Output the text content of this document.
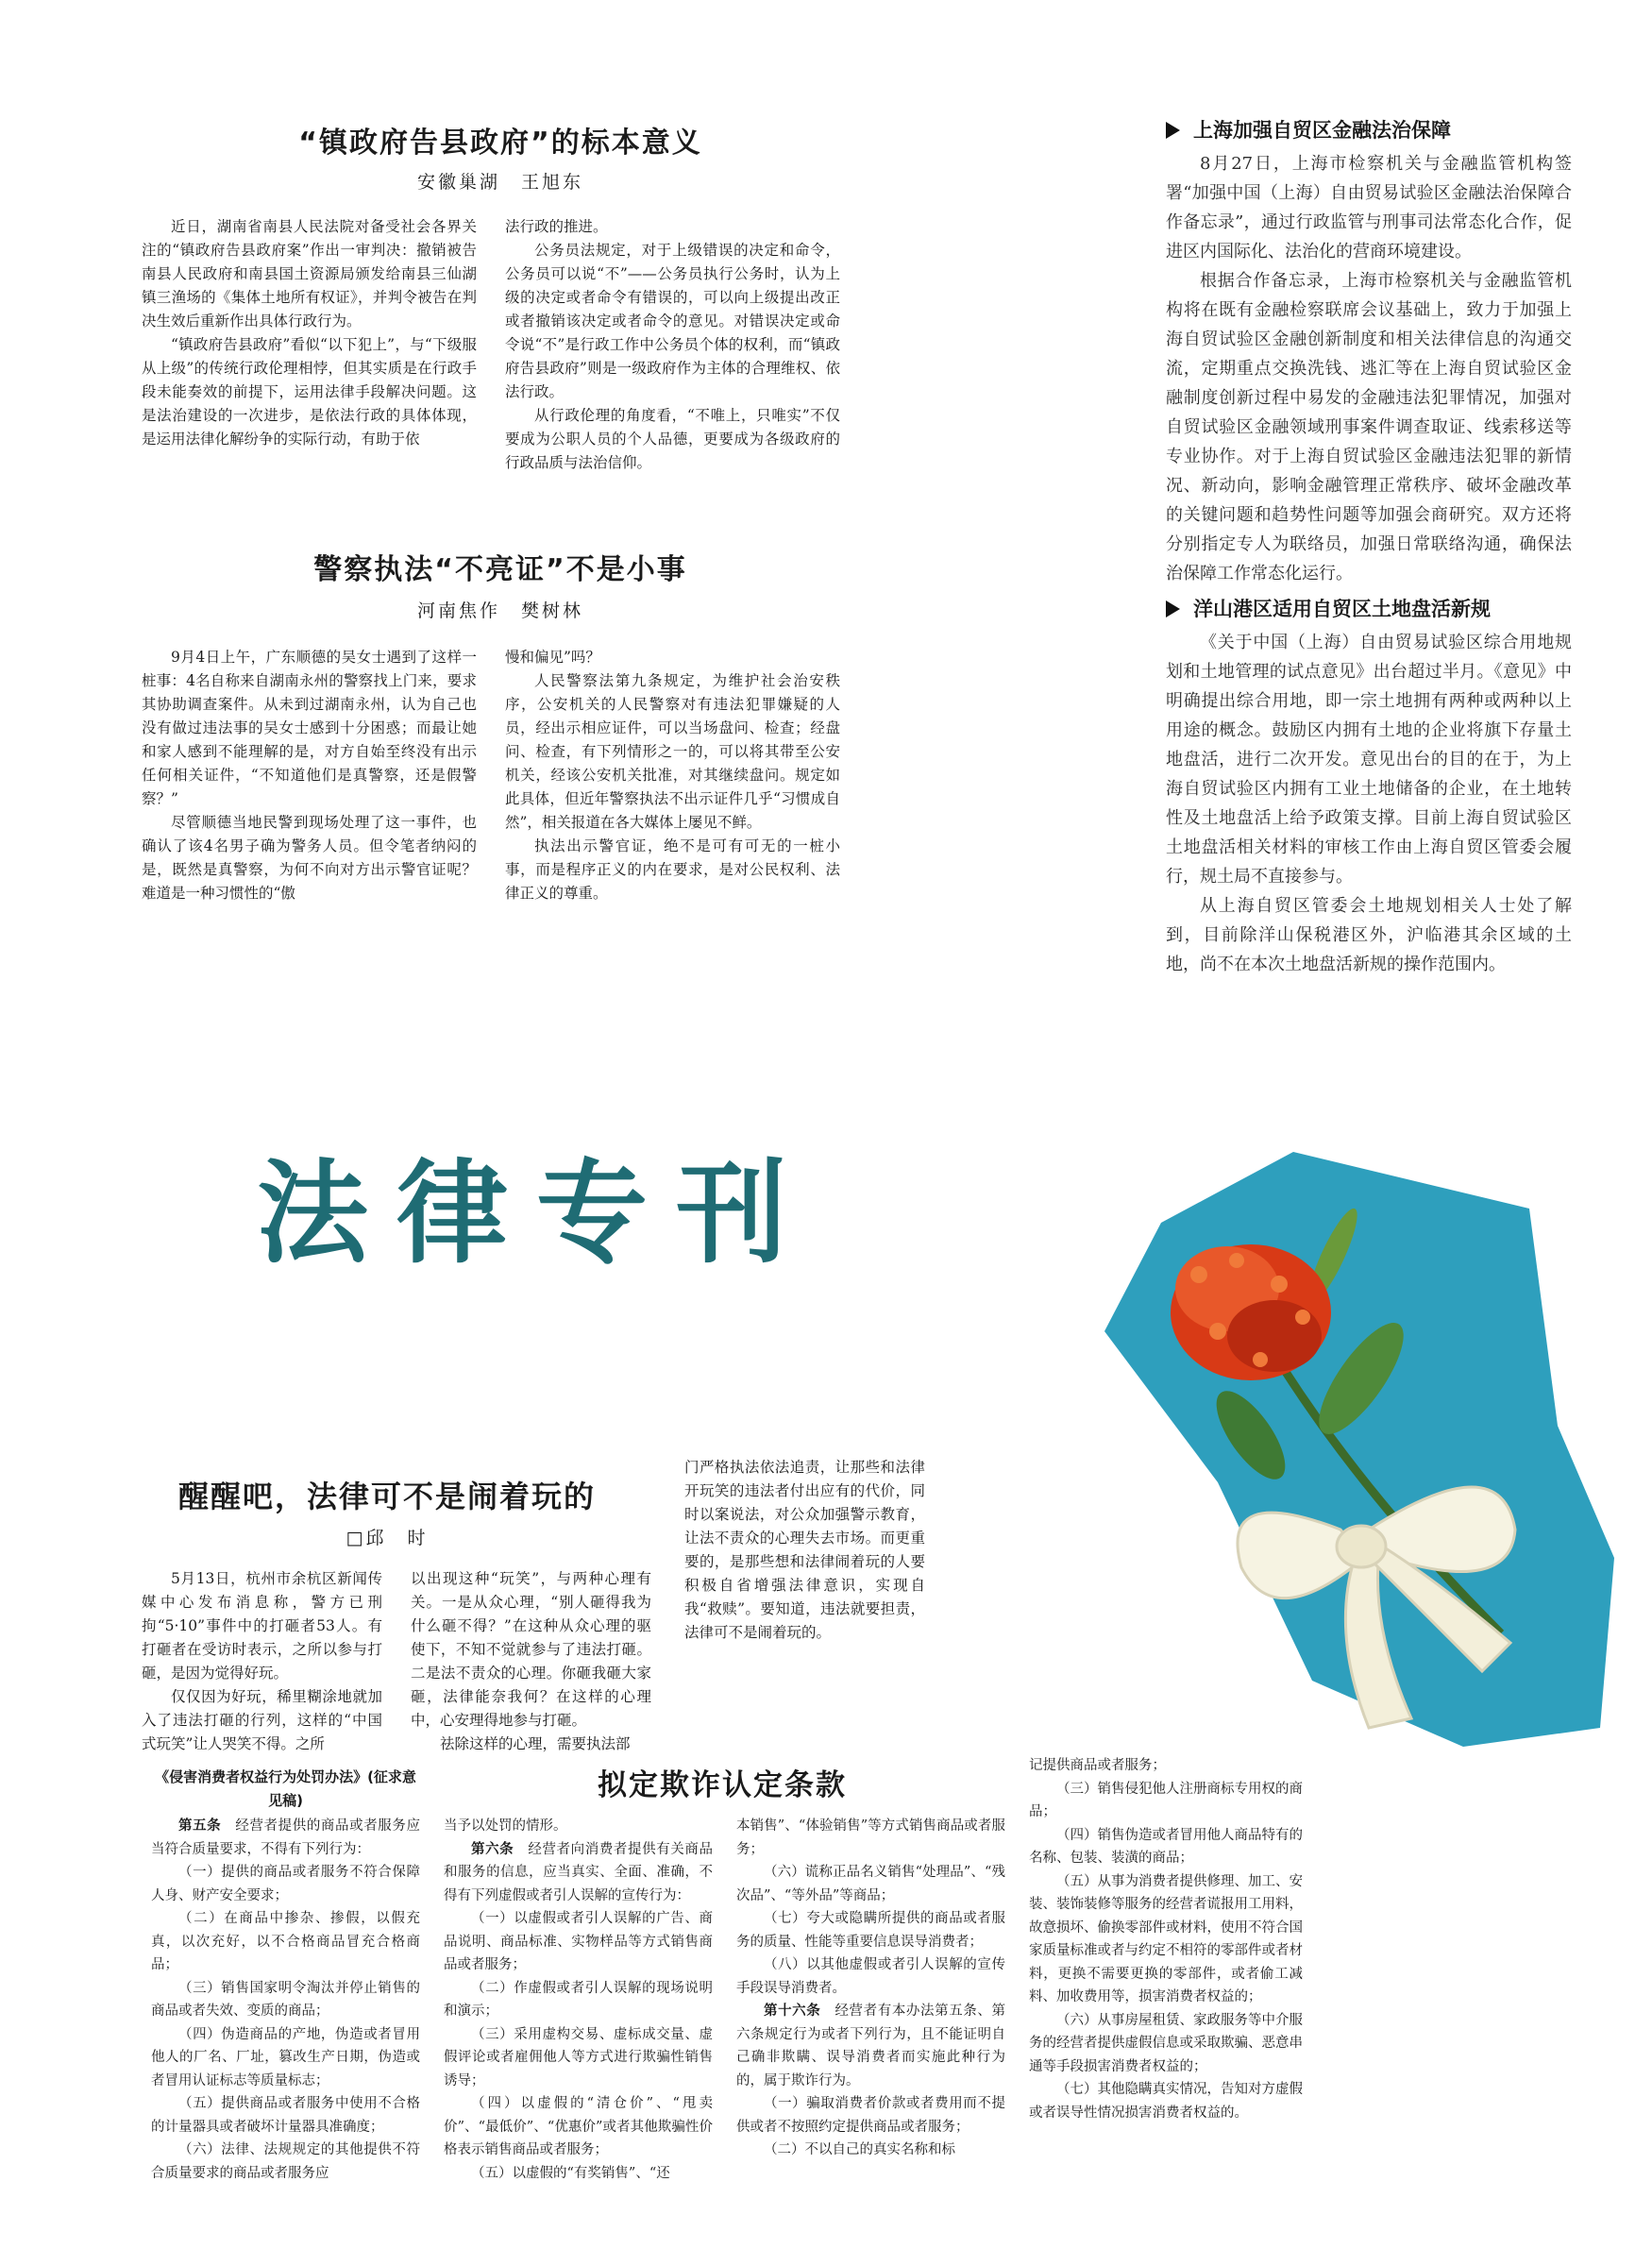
“镇政府告县政府”的标本意义
安徽巢湖　王旭东

近日，湖南省南县人民法院对备受社会各界关注的“镇政府告县政府案”作出一审判决：撤销被告南县人民政府和南县国土资源局颁发给南县三仙湖镇三渔场的《集体土地所有权证》，并判令被告在判决生效后重新作出具体行政行为。

“镇政府告县政府”看似“以下犯上”，与“下级服从上级”的传统行政伦理相悖，但其实质是在行政手段未能奏效的前提下，运用法律手段解决问题。这是法治建设的一次进步，是依法行政的具体体现，是运用法律化解纷争的实际行动，有助于依

法行政的推进。

公务员法规定，对于上级错误的决定和命令，公务员可以说“不”——公务员执行公务时，认为上级的决定或者命令有错误的，可以向上级提出改正或者撤销该决定或者命令的意见。对错误决定或命令说“不”是行政工作中公务员个体的权利，而“镇政府告县政府”则是一级政府作为主体的合理维权、依法行政。

从行政伦理的角度看，“不唯上，只唯实”不仅要成为公职人员的个人品德，更要成为各级政府的行政品质与法治信仰。

警察执法“不亮证”不是小事
河南焦作　樊树林

9月4日上午，广东顺德的吴女士遇到了这样一桩事：4名自称来自湖南永州的警察找上门来，要求其协助调查案件。从未到过湖南永州，认为自己也没有做过违法事的吴女士感到十分困惑；而最让她和家人感到不能理解的是，对方自始至终没有出示任何相关证件，“不知道他们是真警察，还是假警察？”

尽管顺德当地民警到现场处理了这一事件，也确认了该4名男子确为警务人员。但令笔者纳闷的是，既然是真警察，为何不向对方出示警官证呢？难道是一种习惯性的“傲

慢和偏见”吗？

人民警察法第九条规定，为维护社会治安秩序，公安机关的人民警察对有违法犯罪嫌疑的人员，经出示相应证件，可以当场盘问、检查；经盘问、检查，有下列情形之一的，可以将其带至公安机关，经该公安机关批准，对其继续盘问。规定如此具体，但近年警察执法不出示证件几乎“习惯成自然”，相关报道在各大媒体上屡见不鲜。

执法出示警官证，绝不是可有可无的一桩小事，而是程序正义的内在要求，是对公民权利、法律正义的尊重。

上海加强自贸区金融法治保障

8月27日，上海市检察机关与金融监管机构签署“加强中国（上海）自由贸易试验区金融法治保障合作备忘录”，通过行政监管与刑事司法常态化合作，促进区内国际化、法治化的营商环境建设。

根据合作备忘录，上海市检察机关与金融监管机构将在既有金融检察联席会议基础上，致力于加强上海自贸试验区金融创新制度和相关法律信息的沟通交流，定期重点交换洗钱、逃汇等在上海自贸试验区金融制度创新过程中易发的金融违法犯罪情况，加强对自贸试验区金融领域刑事案件调查取证、线索移送等专业协作。对于上海自贸试验区金融违法犯罪的新情况、新动向，影响金融管理正常秩序、破坏金融改革的关键问题和趋势性问题等加强会商研究。双方还将分别指定专人为联络员，加强日常联络沟通，确保法治保障工作常态化运行。

洋山港区适用自贸区土地盘活新规

《关于中国（上海）自由贸易试验区综合用地规划和土地管理的试点意见》出台超过半月。《意见》中明确提出综合用地，即一宗土地拥有两种或两种以上用途的概念。鼓励区内拥有土地的企业将旗下存量土地盘活，进行二次开发。意见出台的目的在于，为上海自贸试验区内拥有工业土地储备的企业，在土地转性及土地盘活上给予政策支撑。目前上海自贸试验区土地盘活相关材料的审核工作由上海自贸区管委会履行，规土局不直接参与。

从上海自贸区管委会土地规划相关人士处了解到，目前除洋山保税港区外，沪临港其余区域的土地，尚不在本次土地盘活新规的操作范围内。

法律专刊
醒醒吧，法律可不是闹着玩的
□邱　时

5月13日，杭州市余杭区新闻传媒中心发布消息称，警方已刑拘“5·10”事件中的打砸者53人。有打砸者在受访时表示，之所以参与打砸，是因为觉得好玩。

仅仅因为好玩，稀里糊涂地就加入了违法打砸的行列，这样的“中国式玩笑”让人哭笑不得。之所

以出现这种“玩笑”，与两种心理有关。一是从众心理，“别人砸得我为什么砸不得？”在这种从众心理的驱使下，不知不觉就参与了违法打砸。二是法不责众的心理。你砸我砸大家砸，法律能奈我何？在这样的心理中，心安理得地参与打砸。

祛除这样的心理，需要执法部

门严格执法依法追责，让那些和法律开玩笑的违法者付出应有的代价，同时以案说法，对公众加强警示教育，让法不责众的心理失去市场。而更重要的，是那些想和法律闹着玩的人要积极自省增强法律意识，实现自我“救赎”。要知道，违法就要担责，法律可不是闹着玩的。

拟定欺诈认定条款
《侵害消费者权益行为处罚办法》(征求意见稿)

第五条　 经营者提供的商品或者服务应当符合质量要求，不得有下列行为：

（一）提供的商品或者服务不符合保障人身、财产安全要求；

（二）在商品中掺杂、掺假，以假充真，以次充好，以不合格商品冒充合格商品；

（三）销售国家明令淘汰并停止销售的商品或者失效、变质的商品；

（四）伪造商品的产地，伪造或者冒用他人的厂名、厂址，篡改生产日期，伪造或者冒用认证标志等质量标志；

（五）提供商品或者服务中使用不合格的计量器具或者破坏计量器具准确度；

（六）法律、法规规定的其他提供不符合质量要求的商品或者服务应

当予以处罚的情形。

第六条　 经营者向消费者提供有关商品和服务的信息，应当真实、全面、准确，不得有下列虚假或者引人误解的宣传行为：

（一）以虚假或者引人误解的广告、商品说明、商品标准、实物样品等方式销售商品或者服务；

（二）作虚假或者引人误解的现场说明和演示；

（三）采用虚构交易、虚标成交量、虚假评论或者雇佣他人等方式进行欺骗性销售诱导；

（四）以虚假的“清仓价”、“甩卖价”、“最低价”、“优惠价”或者其他欺骗性价格表示销售商品或者服务；

（五）以虚假的“有奖销售”、“还

本销售”、“体验销售”等方式销售商品或者服务；

（六）谎称正品名义销售“处理品”、“残次品”、“等外品”等商品；

（七）夸大或隐瞒所提供的商品或者服务的质量、性能等重要信息误导消费者；

（八）以其他虚假或者引人误解的宣传手段误导消费者。

第十六条　 经营者有本办法第五条、第六条规定行为或者下列行为，且不能证明自己确非欺瞒、误导消费者而实施此种行为的，属于欺诈行为。

（一）骗取消费者价款或者费用而不提供或者不按照约定提供商品或者服务；

（二）不以自己的真实名称和标

记提供商品或者服务；

（三）销售侵犯他人注册商标专用权的商品；

（四）销售伪造或者冒用他人商品特有的名称、包装、装潢的商品；

（五）从事为消费者提供修理、加工、安装、装饰装修等服务的经营者谎报用工用料，故意损坏、偷换零部件或材料，使用不符合国家质量标准或者与约定不相符的零部件或者材料，更换不需要更换的零部件，或者偷工减料、加收费用等，损害消费者权益的；

（六）从事房屋租赁、家政服务等中介服务的经营者提供虚假信息或采取欺骗、恶意串通等手段损害消费者权益的；

（七）其他隐瞒真实情况，告知对方虚假或者误导性情况损害消费者权益的。
